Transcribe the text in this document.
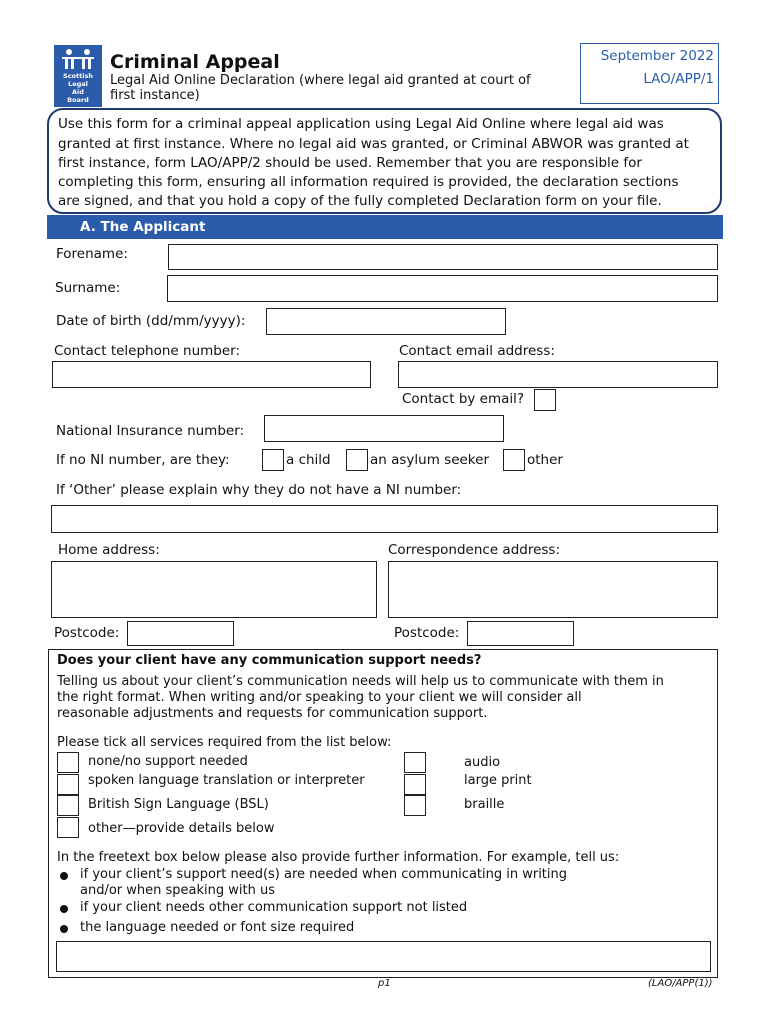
Scottish
Legal
Aid
Board
Criminal Appeal
Legal Aid Online Declaration (where legal aid granted at court of
first instance)
September 2022
LAO/APP/1
Use this form for a criminal appeal application using Legal Aid Online where legal aid was
granted at first instance. Where no legal aid was granted, or Criminal ABWOR was granted at
first instance, form LAO/APP/2 should be used. Remember that you are responsible for
completing this form, ensuring all information required is provided, the declaration sections
are signed, and that you hold a copy of the fully completed Declaration form on your file.
A. The Applicant
Forename:
Surname:
Date of birth (dd/mm/yyyy):
Contact telephone number:	Contact email address:
Contact by email?
National Insurance number:
If no NI number, are they:	a child	an asylum seeker	other
If ‘Other’ please explain why they do not have a NI number:
Home address:	Correspondence address:
Postcode:	Postcode:
Does your client have any communication support needs?
Telling us about your client’s communication needs will help us to communicate with them in
the right format. When writing and/or speaking to your client we will consider all
reasonable adjustments and requests for communication support.
Please tick all services required from the list below:
none/no support needed
spoken language translation or interpreter
British Sign Language (BSL)
other—provide details below
audio
large print
braille
In the freetext box below please also provide further information. For example, tell us:
if your client’s support need(s) are needed when communicating in writing
and/or when speaking with us
if your client needs other communication support not listed
the language needed or font size required
p1	(LAO/APP(1))
